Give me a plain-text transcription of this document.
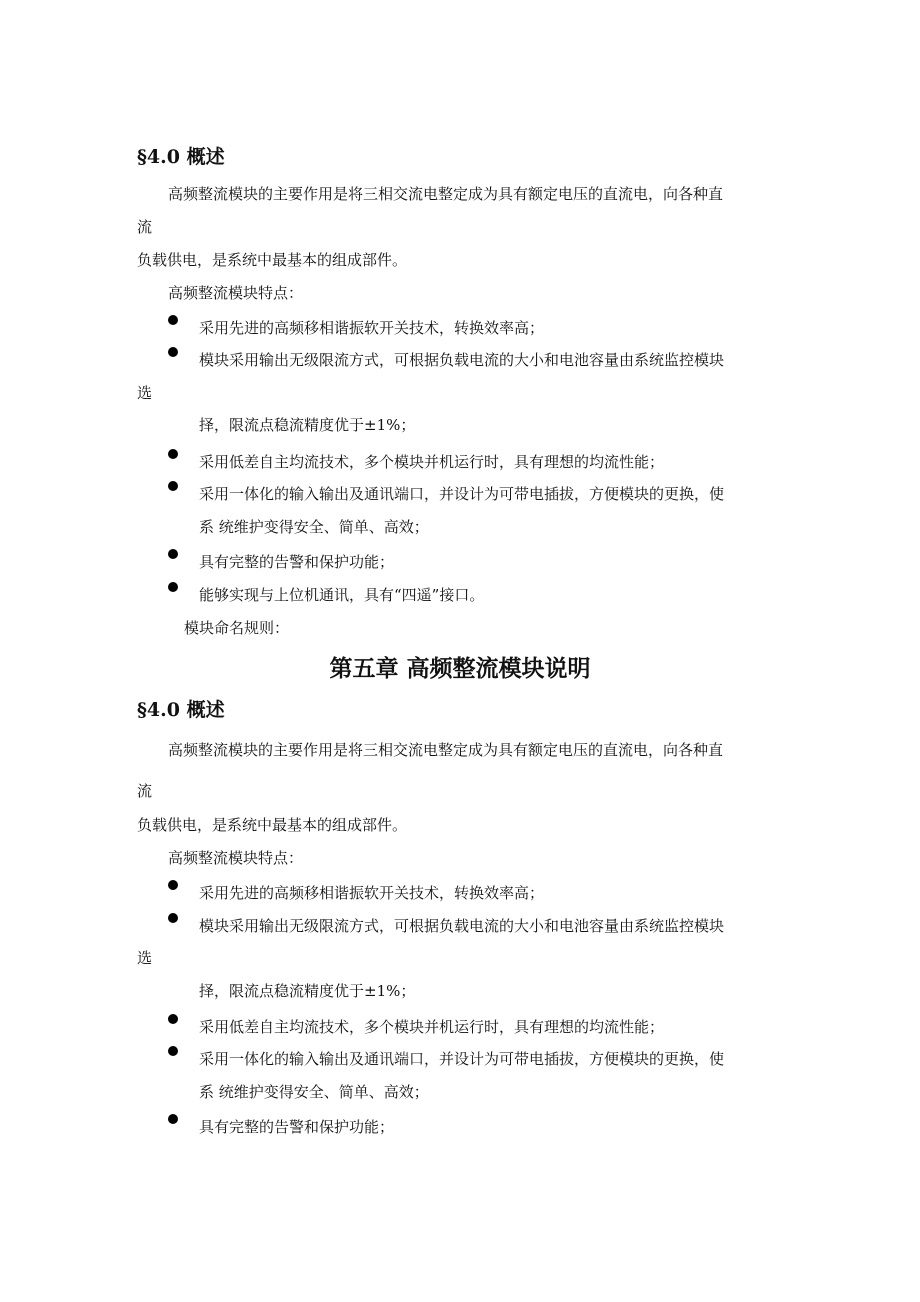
§4.0 概述
高频整流模块的主要作用是将三相交流电整定成为具有额定电压的直流电，向各种直
流
负载供电，是系统中最基本的组成部件。
高频整流模块特点：
采用先进的高频移相谐振软开关技术，转换效率高；
模块采用输出无级限流方式，可根据负载电流的大小和电池容量由系统监控模块
选
择，限流点稳流精度优于±1%；
采用低差自主均流技术，多个模块并机运行时，具有理想的均流性能；
采用一体化的输入输出及通讯端口，并设计为可带电插拔，方便模块的更换，使
系 统维护变得安全、简单、高效；
具有完整的告警和保护功能；
能够实现与上位机通讯，具有“四遥”接口。
模块命名规则：
第五章 高频整流模块说明
§4.0 概述
高频整流模块的主要作用是将三相交流电整定成为具有额定电压的直流电，向各种直
流
负载供电，是系统中最基本的组成部件。
高频整流模块特点：
采用先进的高频移相谐振软开关技术，转换效率高；
模块采用输出无级限流方式，可根据负载电流的大小和电池容量由系统监控模块
选
择，限流点稳流精度优于±1%；
采用低差自主均流技术，多个模块并机运行时，具有理想的均流性能；
采用一体化的输入输出及通讯端口，并设计为可带电插拔，方便模块的更换，使
系 统维护变得安全、简单、高效；
具有完整的告警和保护功能；
